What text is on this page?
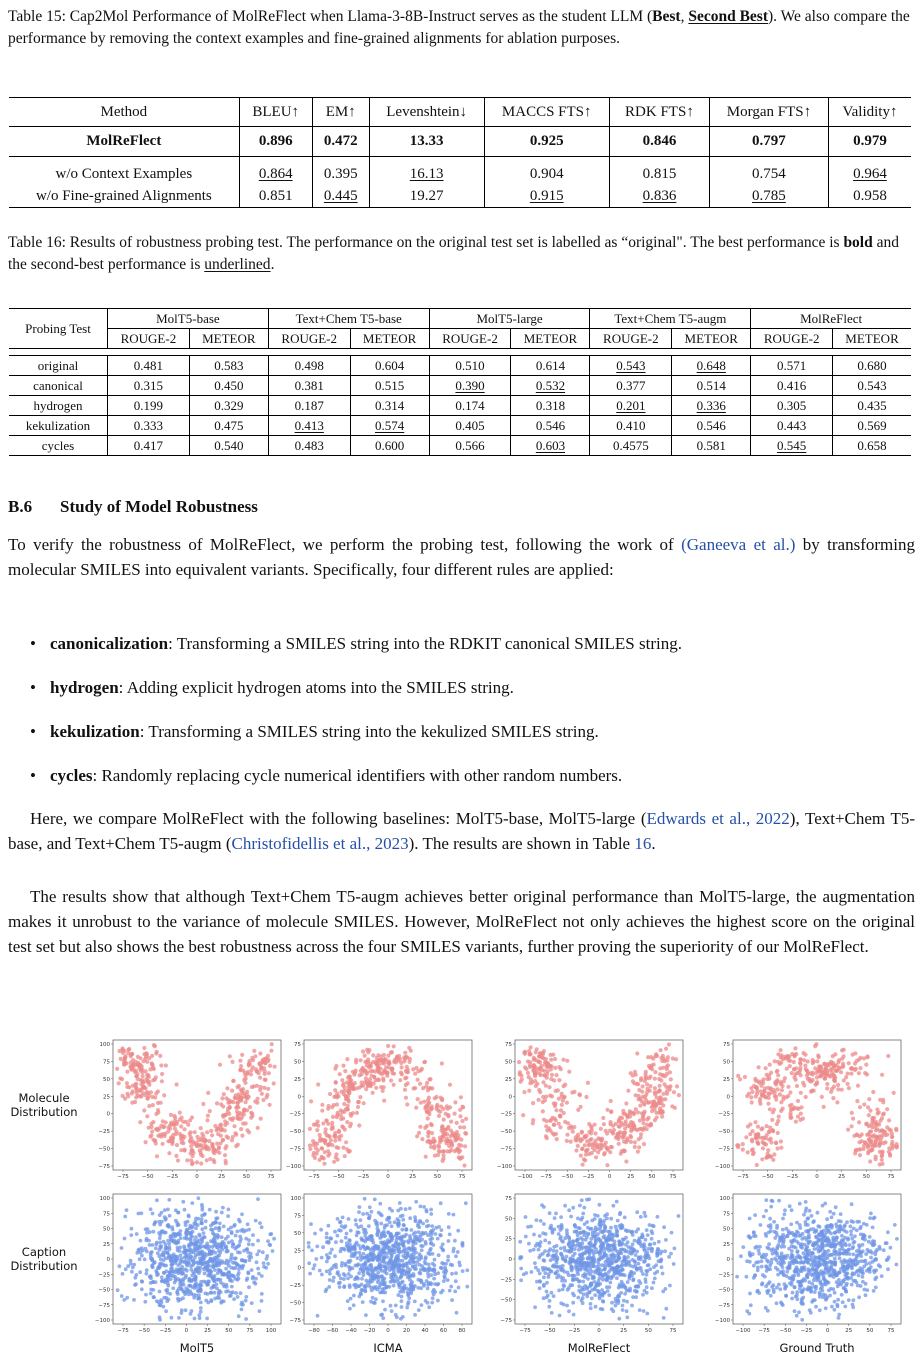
Table 15: Cap2Mol Performance of MolReFlect when Llama-3-8B-Instruct serves as the student LLM (Best, Second Best). We also compare the performance by removing the context examples and fine-grained alignments for ablation purposes.

Method	BLEU↑	EM↑	Levenshtein↓	MACCS FTS↑	RDK FTS↑	Morgan FTS↑	Validity↑
MolReFlect	0.896	0.472	13.33	0.925	0.846	0.797	0.979
w/o Context Examples	0.864	0.395	16.13	0.904	0.815	0.754	0.964
w/o Fine-grained Alignments	0.851	0.445	19.27	0.915	0.836	0.785	0.958

Table 16: Results of robustness probing test. The performance on the original test set is labelled as “original". The best performance is bold and the second-best performance is underlined.

Probing Test	MolT5-base		Text+Chem T5-base		MolT5-large		Text+Chem T5-augm		MolReFlect	
	ROUGE-2	METEOR	ROUGE-2	METEOR	ROUGE-2	METEOR	ROUGE-2	METEOR	ROUGE-2	METEOR

original	0.481	0.583	0.498	0.604	0.510	0.614	0.543	0.648	0.571	0.680
canonical	0.315	0.450	0.381	0.515	0.390	0.532	0.377	0.514	0.416	0.543
hydrogen	0.199	0.329	0.187	0.314	0.174	0.318	0.201	0.336	0.305	0.435
kekulization	0.333	0.475	0.413	0.574	0.405	0.546	0.410	0.546	0.443	0.569
cycles	0.417	0.540	0.483	0.600	0.566	0.603	0.4575	0.581	0.545	0.658
B.6 Study of Model Robustness

To verify the robustness of MolReFlect, we perform the probing test, following the work of (Ganeeva et al.) by transforming molecular SMILES into equivalent variants. Specifically, four different rules are applied:

• canonicalization: Transforming a SMILES string into the RDKIT canonical SMILES string.

• hydrogen: Adding explicit hydrogen atoms into the SMILES string.

• kekulization: Transforming a SMILES string into the kekulized SMILES string.

• cycles: Randomly replacing cycle numerical identifiers with other random numbers.

Here, we compare MolReFlect with the following baselines: MolT5-base, MolT5-large (Edwards et al., 2022), Text+Chem T5-base, and Text+Chem T5-augm (Christofidellis et al., 2023). The results are shown in Table 16.

The results show that although Text+Chem T5-augm achieves better original performance than MolT5-large, the augmentation makes it unrobust to the variance of molecule SMILES. However, MolReFlect not only achieves the highest score on the original test set but also shows the best robustness across the four SMILES variants, further proving the superiority of our MolReFlect.

Molecule
Distribution
Caption
Distribution
MolT5	ICMA	MolReFlect	Ground Truth
−75 −50 −25	0	25	50	75
100
75
50
25
0
−25
−50
−75
−75 −50 −25	0	25	50	75
75
50
25
0
−25
−50
−75
−100
−100 −75 −50 −25 0	25	50	75
75
50
25
0
−25
−50
−75
−100
−75 −50 −25	0	25	50	75
75
50
25
0
−25
−50
−75
−100
−75 −50 −25 0	25	50	75 100
100
75
50
25
0
−25
−50
−75
−100
−80 −60 −40 −20 0 20 40 60 80
100
75
50
25
0
−25
−50
−75
−75 −50 −25	0	25	50	75
75
50
25
0
−25
−50
−75
−100 −75 −50 −25 0	25	50	75
100
75
50
25
0
−25
−50
−75
−100
